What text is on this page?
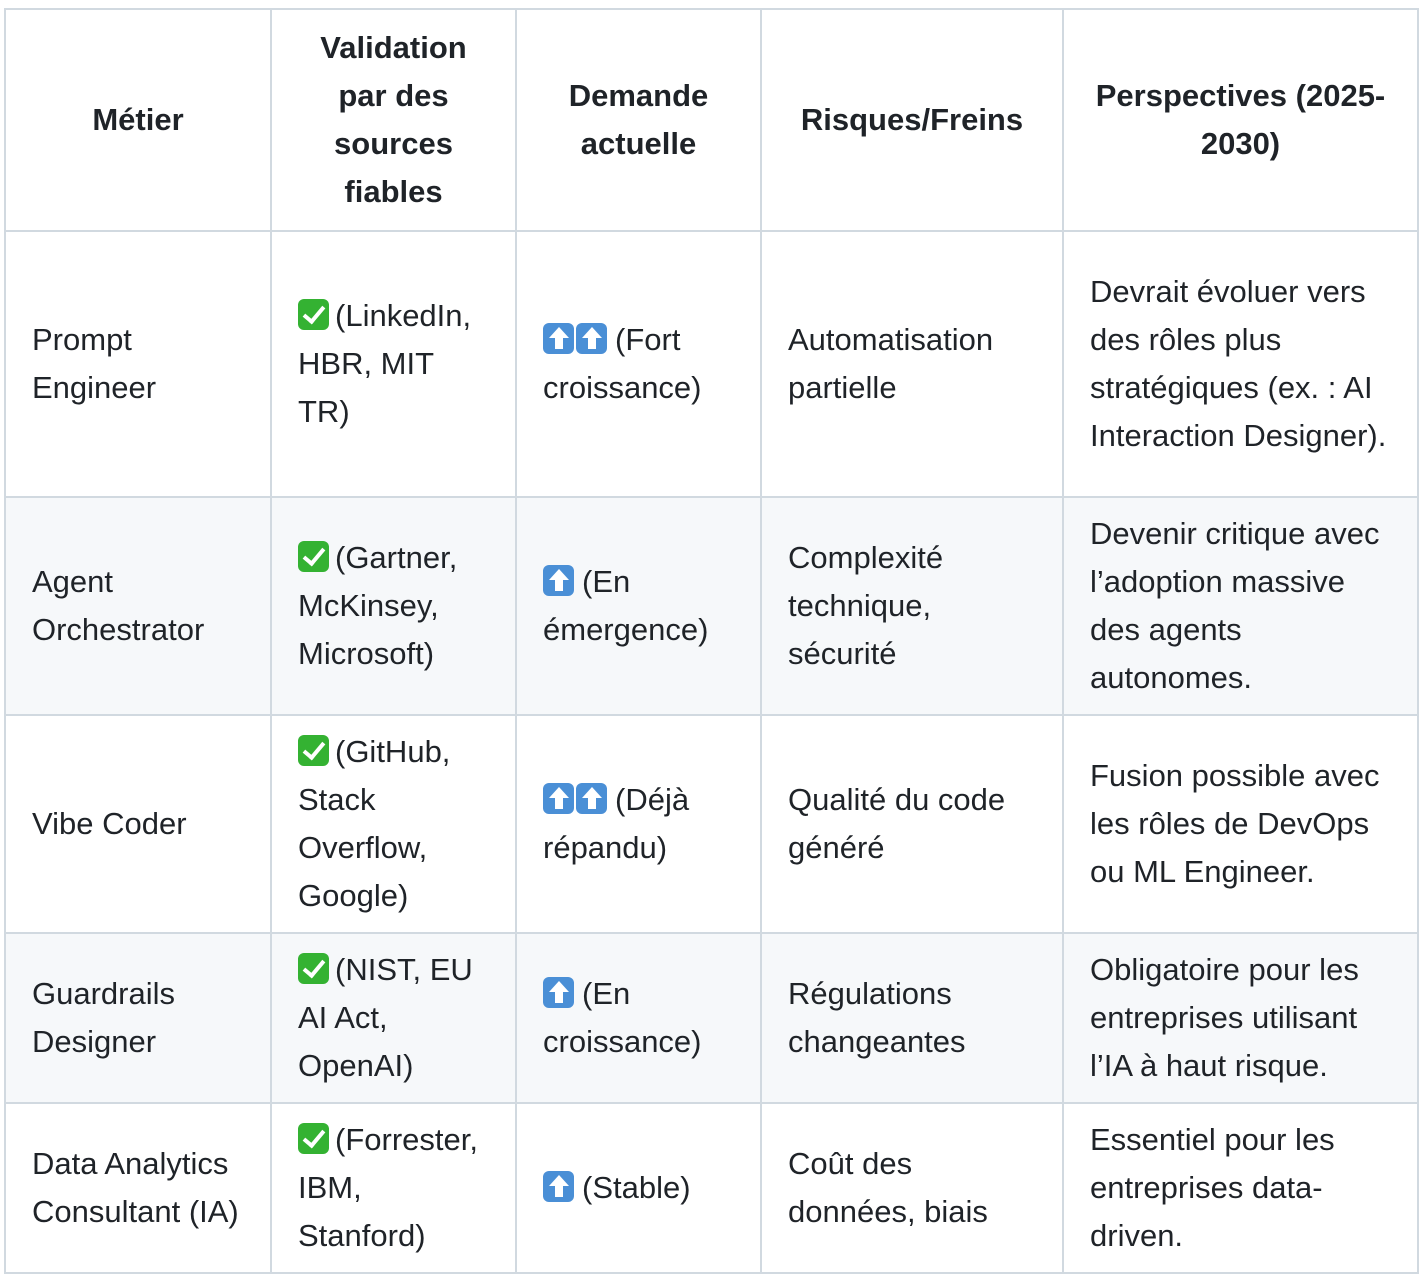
Métier	Validation par des sources fiables	Demande actuelle	Risques/Freins	Perspectives (2025-2030)
Prompt Engineer	(LinkedIn, HBR, MIT TR)	(Fort croissance)	Automatisation partielle	Devrait évoluer vers des rôles plus stratégiques (ex. : AI Interaction Designer).
Agent Orchestrator	(Gartner, McKinsey, Microsoft)	(En émergence)	Complexité technique, sécurité	Devenir critique avec l’adoption massive des agents autonomes.
Vibe Coder	(GitHub, Stack Overflow, Google)	(Déjà répandu)	Qualité du code généré	Fusion possible avec les rôles de DevOps ou ML Engineer.
Guardrails Designer	(NIST, EU AI Act, OpenAI)	(En croissance)	Régulations changeantes	Obligatoire pour les entreprises utilisant l’IA à haut risque.
Data Analytics Consultant (IA)	(Forrester, IBM, Stanford)	(Stable)	Coût des données, biais	Essentiel pour les entreprises data-driven.
